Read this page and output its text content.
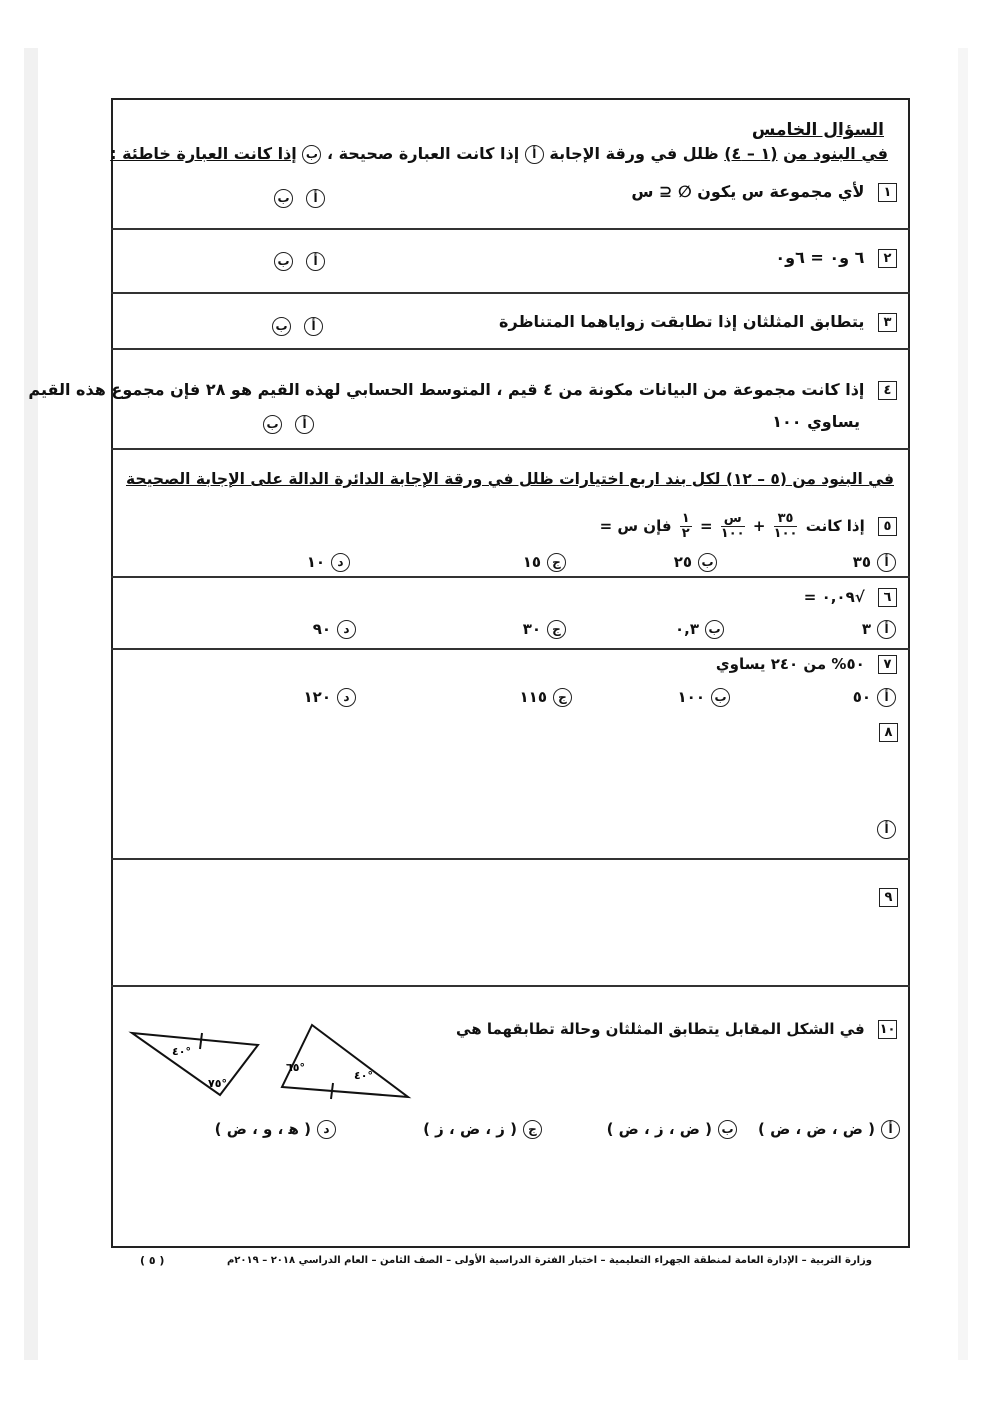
السؤال الخامس
في البنود من (١ – ٤) ظلل في ورقة الإجابة أ إذا كانت العبارة صحيحة ، ب إذا كانت العبارة خاطئة :
١ لأي مجموعة س يكون ∅ ⊆ س
ب أ
٢ ٦ و٠ = ٦و٠
ب أ
٣ يتطابق المثلثان إذا تطابقت زواياهما المتناظرة
ب أ
٤ إذا كانت مجموعة من البيانات مكونة من ٤ قيم ، المتوسط الحسابي لهذه القيم هو ٢٨ فإن مجموع هذه القيم
يساوي ١٠٠
ب أ
في البنود من (٥ – ١٢) لكل بند اربع اختيارات ظلل في ورقة الإجابة الدائرة الدالة على الإجابة الصحيحة
٥ إذا كانت
$\frac{٣٥}{١٠٠}$
+
$\frac{\text{س}}{١٠٠}$
=
$\frac{١}{٢}$
فإن س =
أ٣٥
ب٢٥
ج١٥
د١٠
٦ √٠,٠٩ =
أ٣
ب٠,٣
ج٣٠
د٩٠
٧ ٥٠% من ٢٤٠ يساوي
أ٥٠
ب١٠٠
ج١١٥
د١٢٠
٨
أ
٩
١٠ في الشكل المقابل يتطابق المثلثان وحالة تطابقهما هي
٤٠°
٧٥°
٦٥°
٤٠°
أ( ض ، ض ، ض )
ب( ض ، ز ، ض )
ج( ز ، ض ، ز )
د( ﻫ ، و ، ض )
وزارة التربية – الإدارة العامة لمنطقة الجهراء التعليمية – اختبار الفترة الدراسية الأولى – الصف الثامن – العام الدراسي ٢٠١٨ – ٢٠١٩م
( ٥ )
